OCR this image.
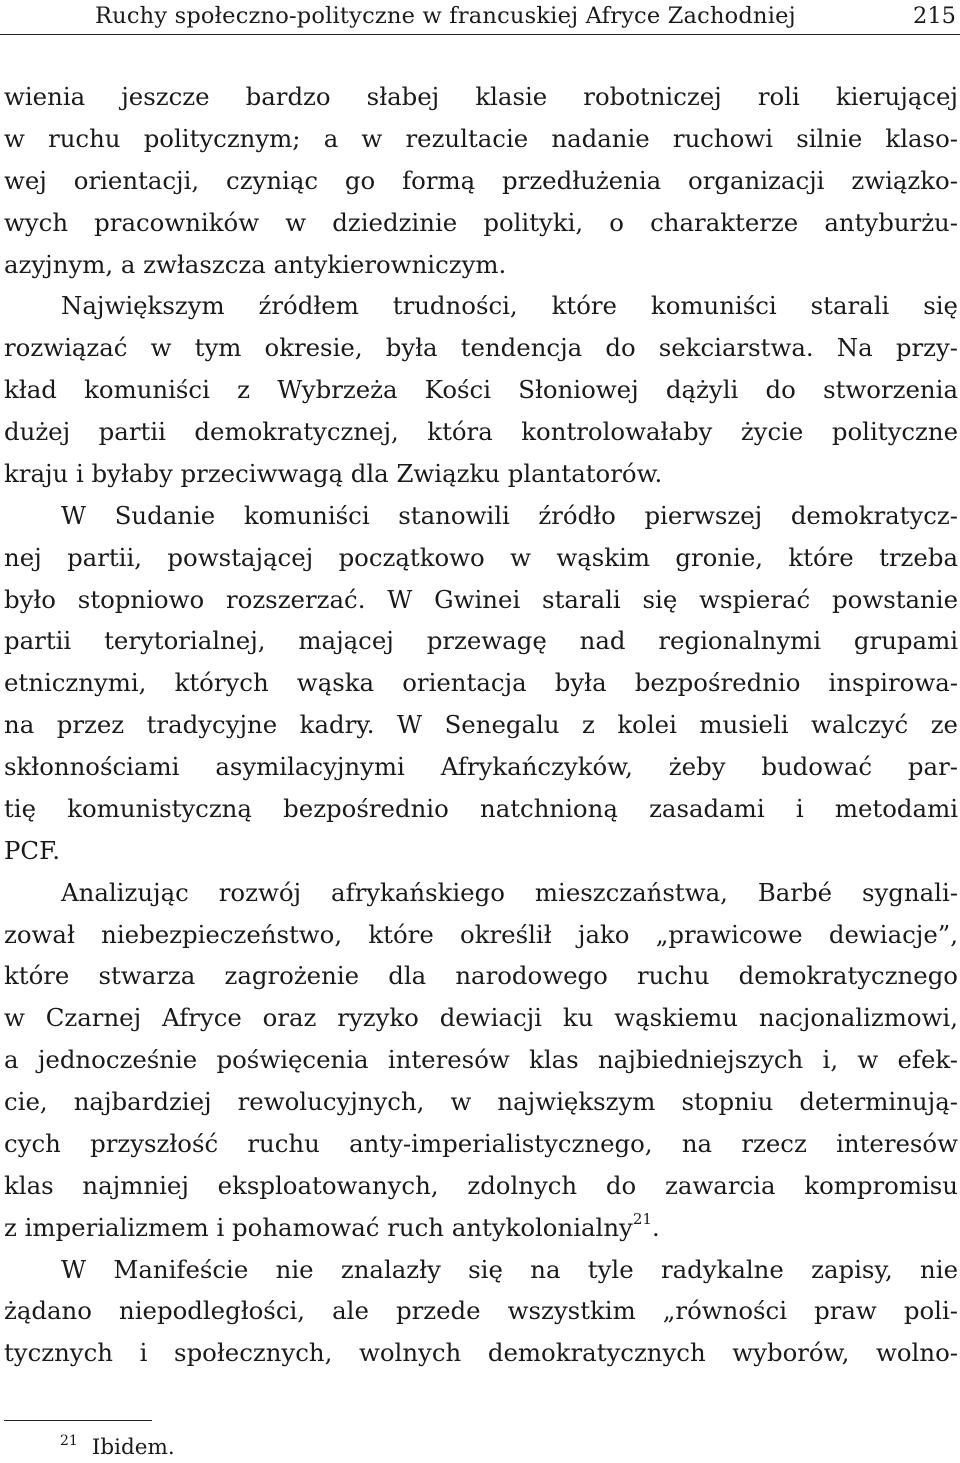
Ruchy społeczno-polityczne w francuskiej Afryce Zachodniej	215
wienia jeszcze bardzo słabej klasie robotniczej roli kierującej
w ruchu politycznym; a w rezultacie nadanie ruchowi silnie klaso-
wej orientacji, czyniąc go formą przedłużenia organizacji związko-
wych pracowników w dziedzinie polityki, o charakterze antyburżu-
azyjnym, a zwłaszcza antykierowniczym.
Największym źródłem trudności, które komuniści starali się
rozwiązać w tym okresie, była tendencja do sekciarstwa. Na przy-
kład komuniści z Wybrzeża Kości Słoniowej dążyli do stworzenia
dużej partii demokratycznej, która kontrolowałaby życie polityczne
kraju i byłaby przeciwwagą dla Związku plantatorów.
W Sudanie komuniści stanowili źródło pierwszej demokratycz-
nej partii, powstającej początkowo w wąskim gronie, które trzeba
było stopniowo rozszerzać. W Gwinei starali się wspierać powstanie
partii terytorialnej, mającej przewagę nad regionalnymi grupami
etnicznymi, których wąska orientacja była bezpośrednio inspirowa-
na przez tradycyjne kadry. W Senegalu z kolei musieli walczyć ze
skłonnościami asymilacyjnymi Afrykańczyków, żeby budować par-
tię komunistyczną bezpośrednio natchnioną zasadami i metodami
PCF.
Analizując rozwój afrykańskiego mieszczaństwa, Barbé sygnali-
zował niebezpieczeństwo, które określił jako „prawicowe dewiacje”,
które stwarza zagrożenie dla narodowego ruchu demokratycznego
w Czarnej Afryce oraz ryzyko dewiacji ku wąskiemu nacjonalizmowi,
a jednocześnie poświęcenia interesów klas najbiedniejszych i, w efek-
cie, najbardziej rewolucyjnych, w największym stopniu determinują-
cych przyszłość ruchu anty-imperialistycznego, na rzecz interesów
klas najmniej eksploatowanych, zdolnych do zawarcia kompromisu
z imperializmem i pohamować ruch antykolonialny$^{21}$.
W Manifeście nie znalazły się na tyle radykalne zapisy, nie
żądano niepodległości, ale przede wszystkim „równości praw poli-
tycznych i społecznych, wolnych demokratycznych wyborów, wolno-
$^{21}$ Ibidem.
